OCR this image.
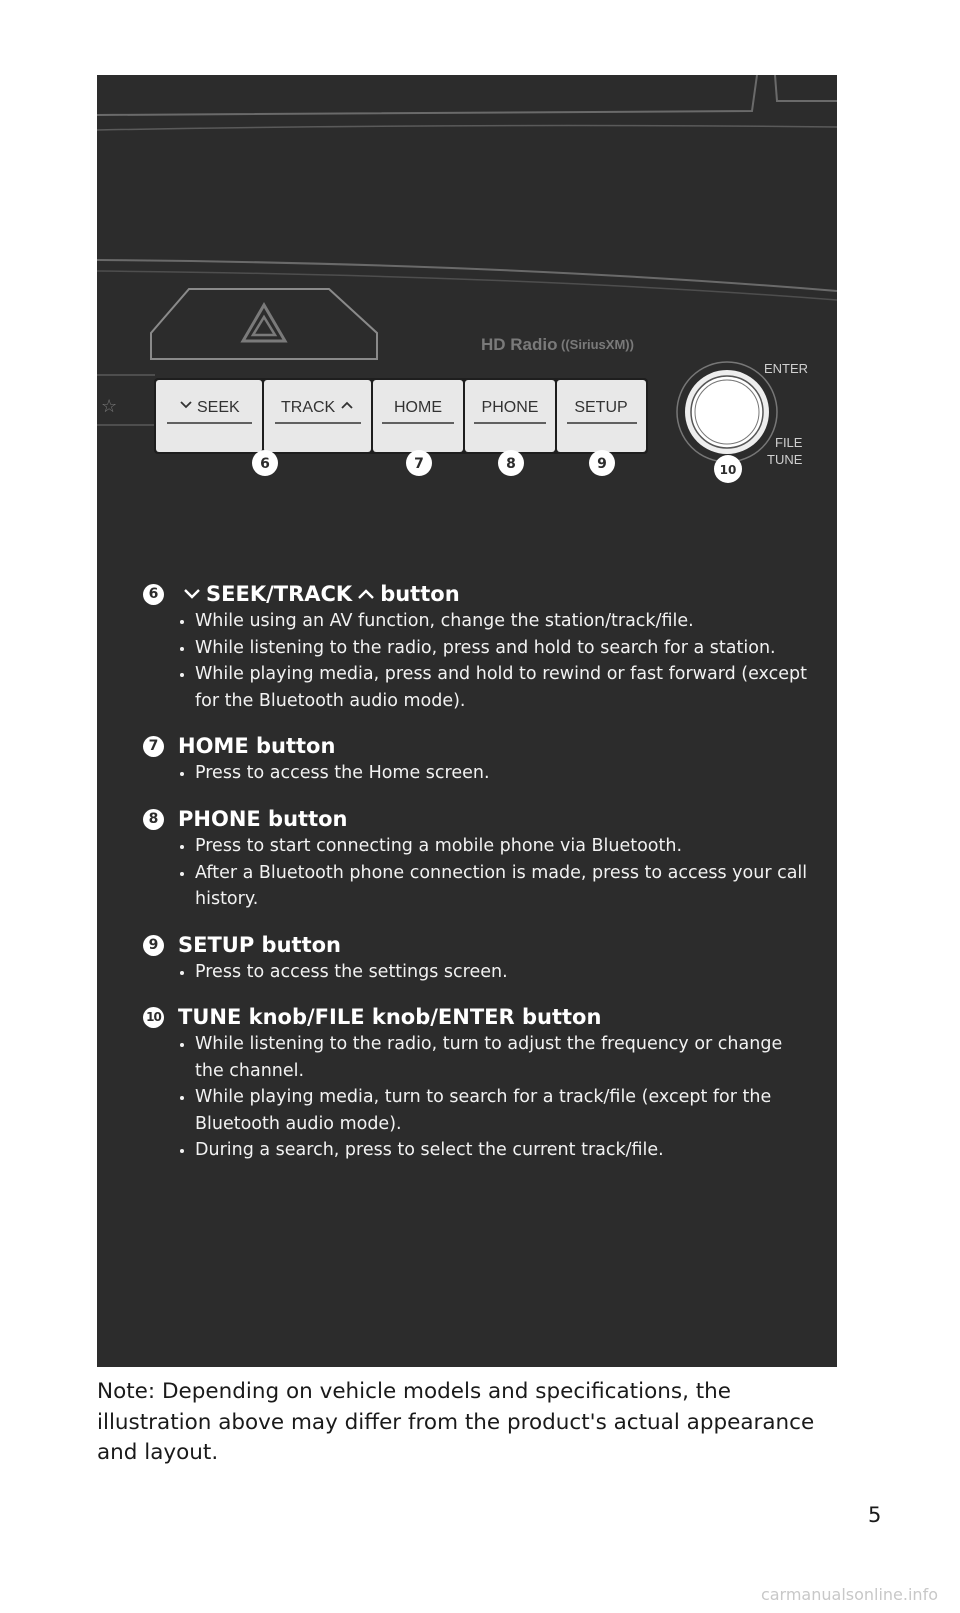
HD Radio ((SiriusXM))
☆	SEEK	TRACK	HOME PHONE SETUP
ENTER
FILE
TUNE
6	7	8	9	10
6 SEEK/TRACK button
While using an AV function, change the station/track/file.
While listening to the radio, press and hold to search for a station.
While playing media, press and hold to rewind or fast forward (except for the Bluetooth audio mode).
7 HOME button
Press to access the Home screen.
8 PHONE button
Press to start connecting a mobile phone via Bluetooth.
After a Bluetooth phone connection is made, press to access your call history.
9 SETUP button
Press to access the settings screen.
10 TUNE knob/FILE knob/ENTER button
While listening to the radio, turn to adjust the frequency or change the channel.
While playing media, turn to search for a track/file (except for the Bluetooth audio mode).
During a search, press to select the current track/file.
Note: Depending on vehicle models and specifications, the illustration above may differ from the product's actual appearance and layout.
5
carmanualsonline.info
